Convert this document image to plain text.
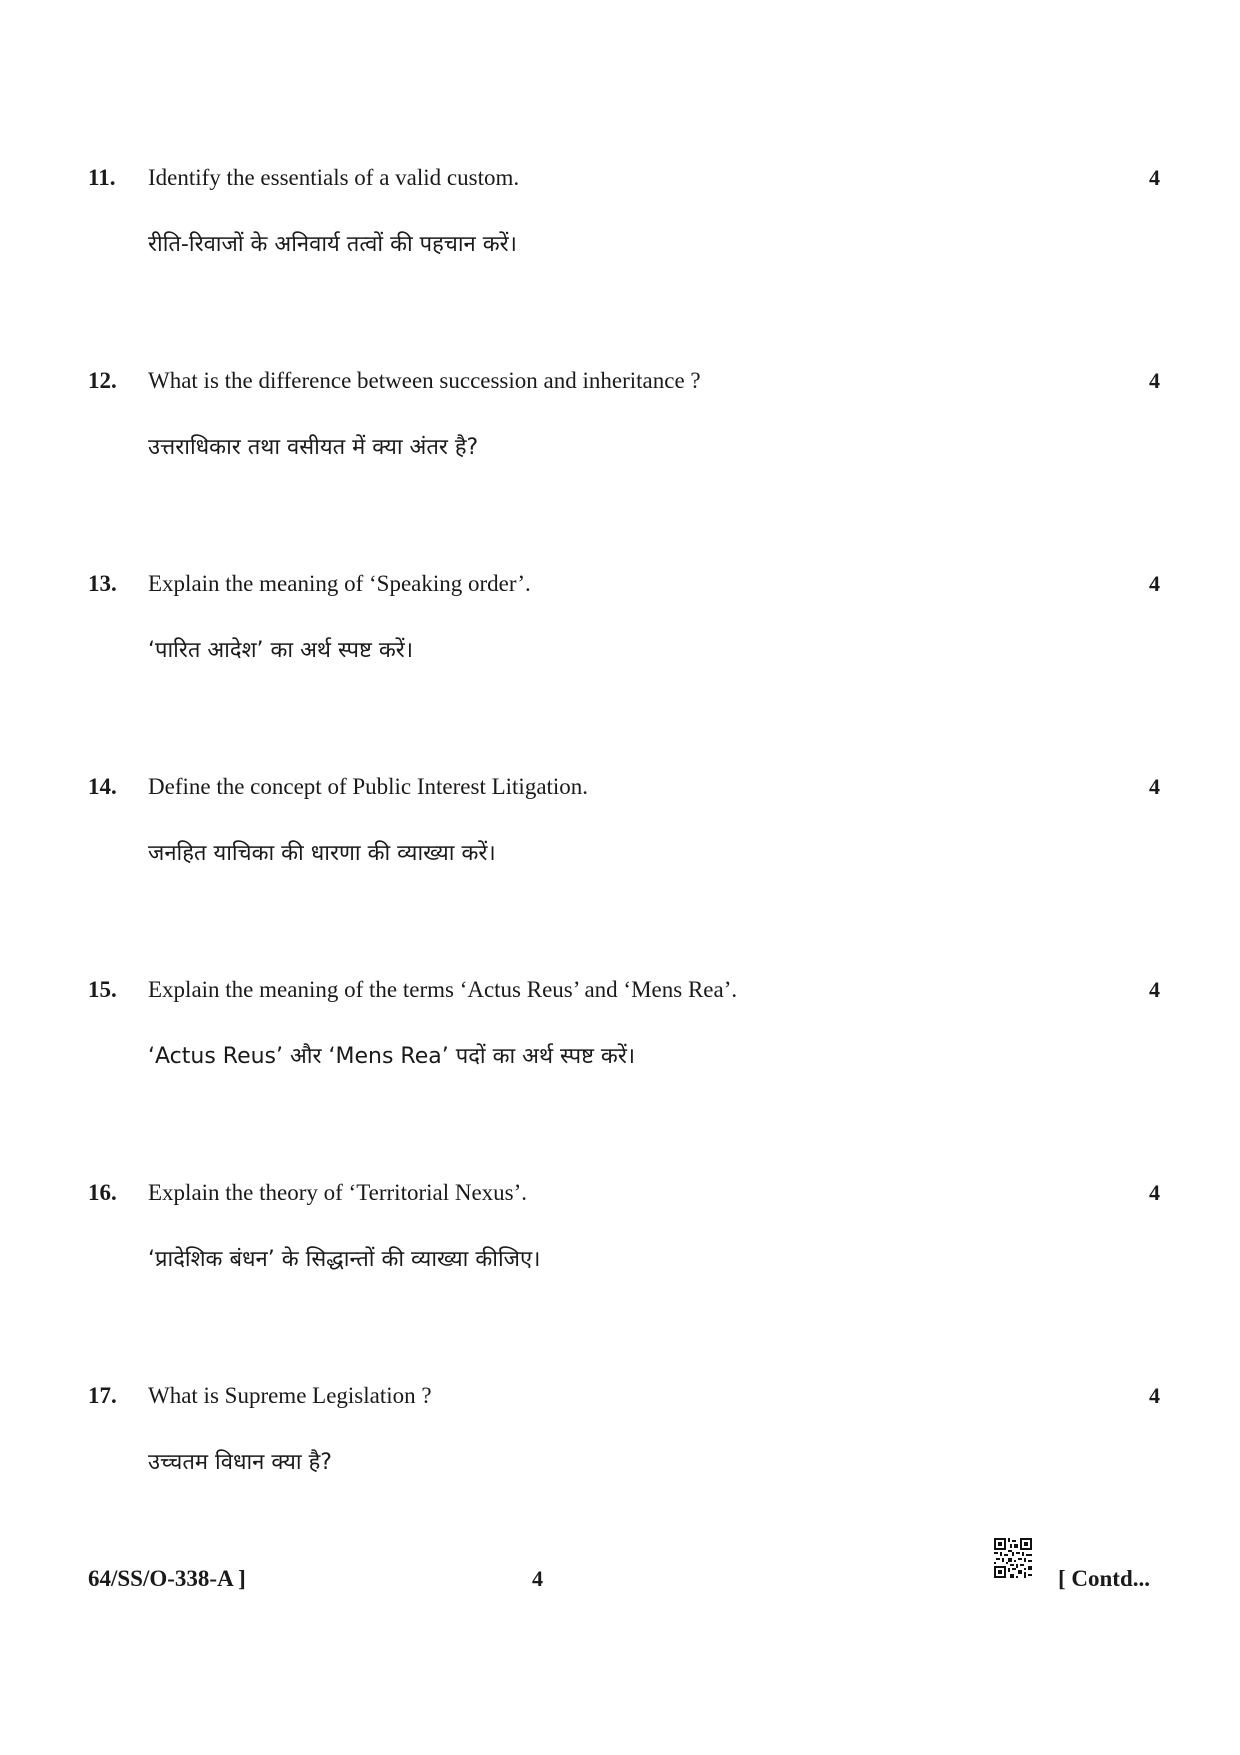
11. Identify the essentials of a valid custom.
रीति-रिवाजों के अनिवार्य तत्वों की पहचान करें।
4
12. What is the difference between succession and inheritance ?
उत्तराधिकार तथा वसीयत में क्या अंतर है?
4
13. Explain the meaning of ‘Speaking order’.
‘पारित आदेश’ का अर्थ स्पष्ट करें।
4
14. Define the concept of Public Interest Litigation.
जनहित याचिका की धारणा की व्याख्या करें।
4
15. Explain the meaning of the terms ‘Actus Reus’ and ‘Mens Rea’.
‘Actus Reus’ और ‘Mens Rea’ पदों का अर्थ स्पष्ट करें।
4
16. Explain the theory of ‘Territorial Nexus’.
‘प्रादेशिक बंधन’ के सिद्धान्तों की व्याख्या कीजिए।
4
17. What is Supreme Legislation ?
उच्चतम विधान क्या है?
4
64/SS/O-338-A ]	4	[ Contd...
